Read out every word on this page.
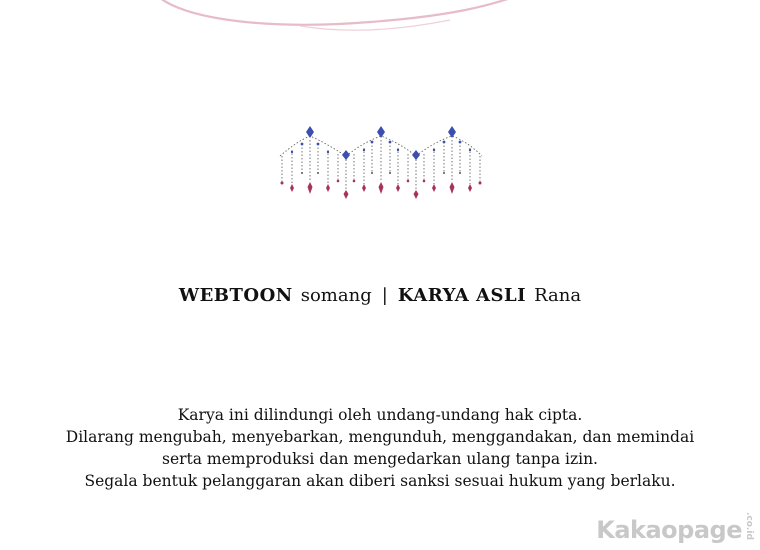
WEBTOON somang | KARYA ASLI Rana
Karya ini dilindungi oleh undang-undang hak cipta.
Dilarang mengubah, menyebarkan, mengunduh, menggandakan, dan memindai
serta memproduksi dan mengedarkan ulang tanpa izin.
Segala bentuk pelanggaran akan diberi sanksi sesuai hukum yang berlaku.
Kakaopage .co.id
